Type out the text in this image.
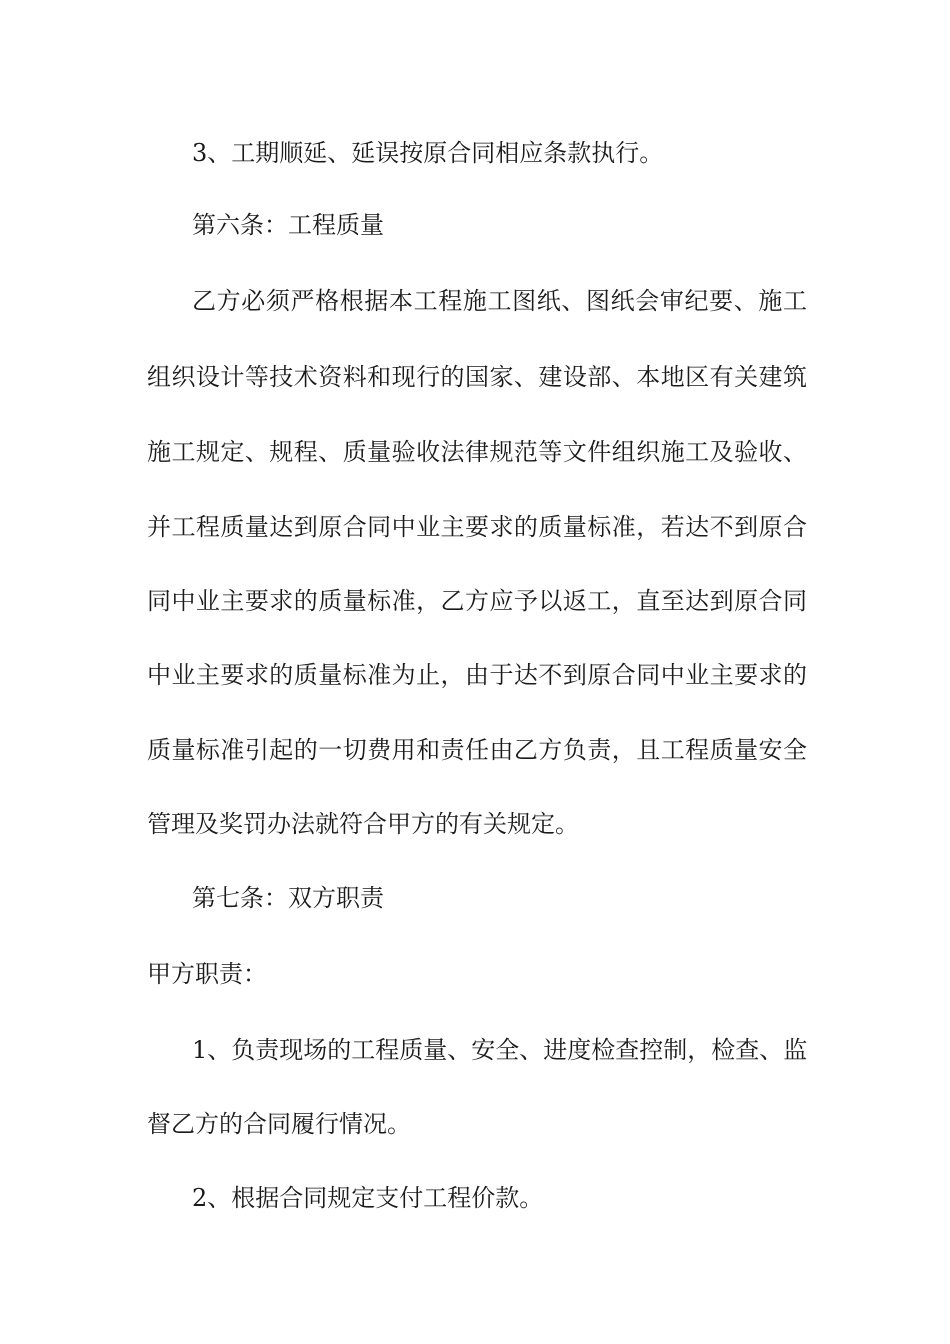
3、工期顺延、延误按原合同相应条款执行。
第六条：工程质量
乙方必须严格根据本工程施工图纸、图纸会审纪要、施工
组织设计等技术资料和现行的国家、建设部、本地区有关建筑
施工规定、规程、质量验收法律规范等文件组织施工及验收、
并工程质量达到原合同中业主要求的质量标准，若达不到原合
同中业主要求的质量标准，乙方应予以返工，直至达到原合同
中业主要求的质量标准为止，由于达不到原合同中业主要求的
质量标准引起的一切费用和责任由乙方负责，且工程质量安全
管理及奖罚办法就符合甲方的有关规定。
第七条：双方职责
甲方职责：
1、负责现场的工程质量、安全、进度检查控制，检查、监
督乙方的合同履行情况。
2、根据合同规定支付工程价款。
